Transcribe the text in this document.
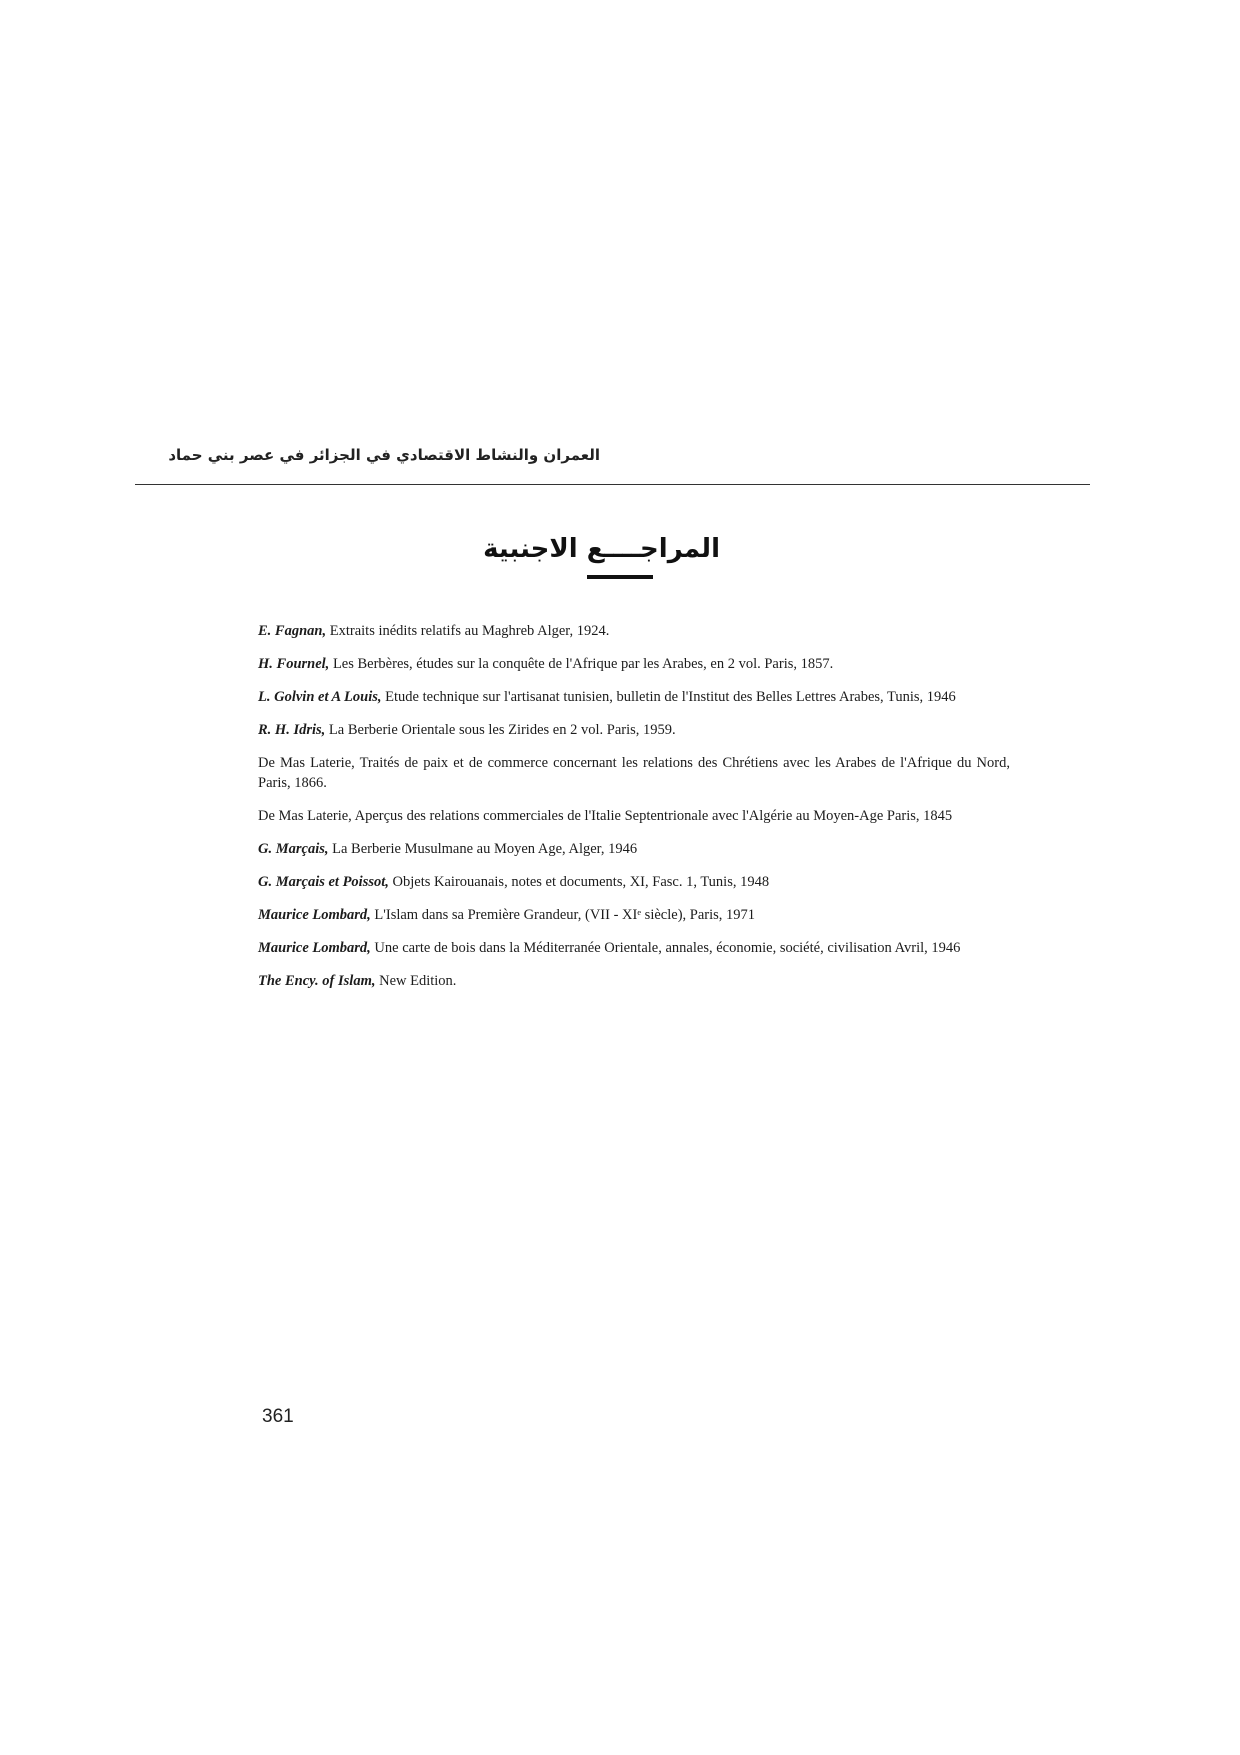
العمران والنشاط الاقتصادي في الجزائر في عصر بني حماد
المراجــــع الاجنبية
E. Fagnan, Extraits inédits relatifs au Maghreb Alger, 1924.
H. Fournel, Les Berbères, études sur la conquête de l'Afrique par les Arabes, en 2 vol. Paris, 1857.
L. Golvin et A Louis, Etude technique sur l'artisanat tunisien, bulletin de l'Institut des Belles Lettres Arabes, Tunis, 1946
R. H. Idris, La Berberie Orientale sous les Zirides en 2 vol. Paris, 1959.
De Mas Laterie, Traités de paix et de commerce concernant les relations des Chrétiens avec les Arabes de l'Afrique du Nord, Paris, 1866.
De Mas Laterie, Aperçus des relations commerciales de l'Italie Septentrionale avec l'Algérie au Moyen-Age Paris, 1845
G. Marçais, La Berberie Musulmane au Moyen Age, Alger, 1946
G. Marçais et Poissot, Objets Kairouanais, notes et documents, XI, Fasc. 1, Tunis, 1948
Maurice Lombard, L'Islam dans sa Première Grandeur, (VII - XIᵉ siècle), Paris, 1971
Maurice Lombard, Une carte de bois dans la Méditerranée Orientale, annales, économie, société, civilisation Avril, 1946
The Ency. of Islam, New Edition.
361
